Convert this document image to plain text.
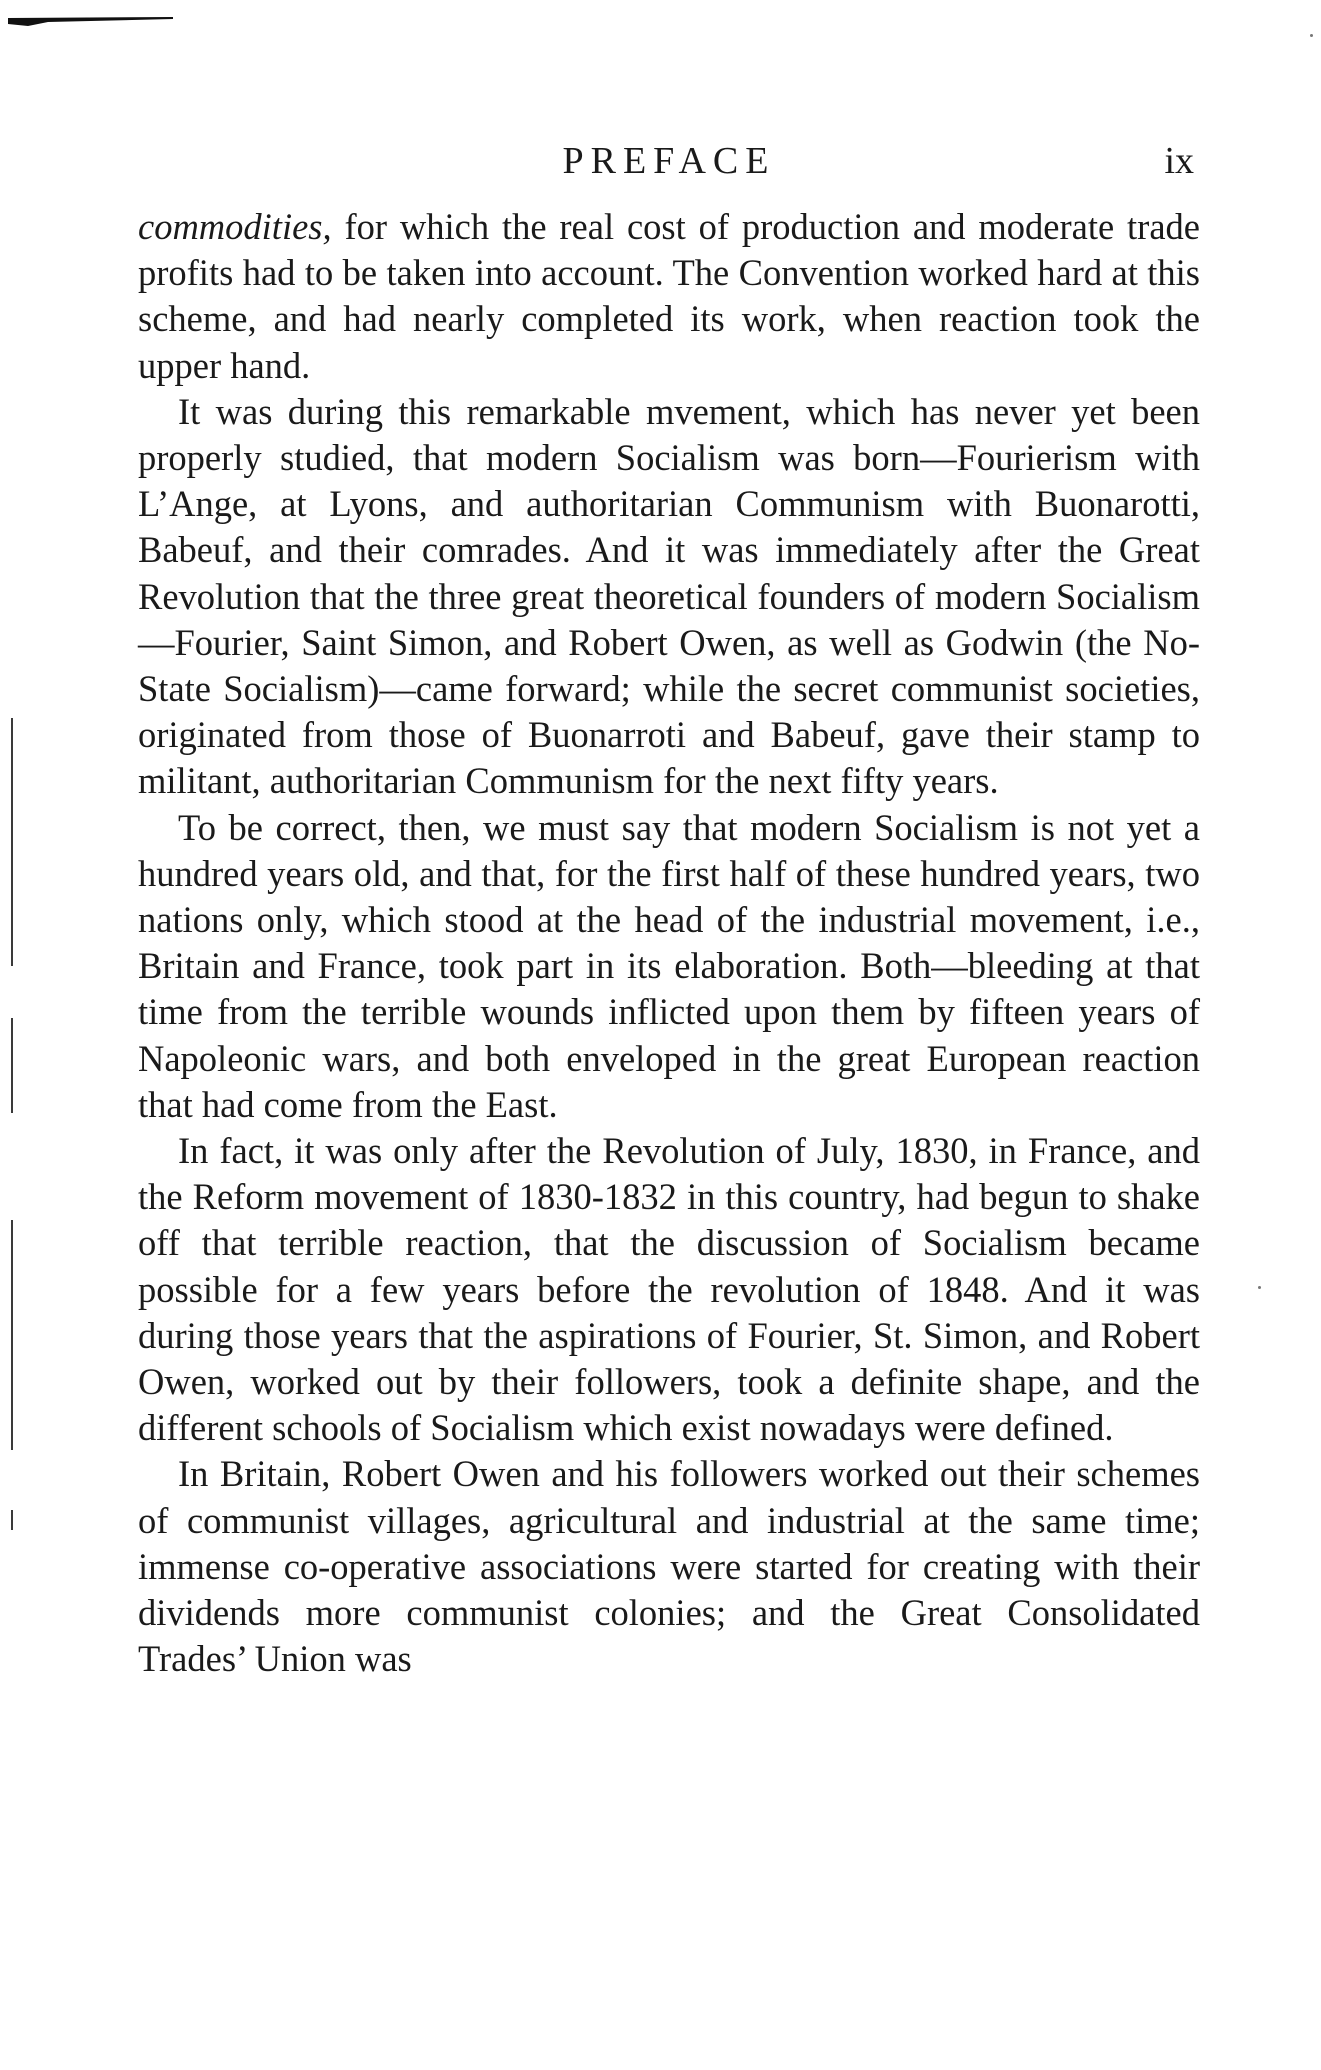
PREFACE	ix

commodities, for which the real cost of production and moderate trade profits had to be taken into account. The Convention worked hard at this scheme, and had nearly completed its work, when reaction took the upper hand.

It was during this remarkable mvement, which has never yet been properly studied, that modern Socialism was born—Fourierism with L’Ange, at Lyons, and authoritarian Communism with Buonarotti, Babeuf, and their comrades. And it was immediately after the Great Revolution that the three great theoretical founders of modern Socialism—Fourier, Saint Simon, and Robert Owen, as well as Godwin (the No-State Socialism)—came forward; while the secret communist societies, originated from those of Buonarroti and Babeuf, gave their stamp to militant, authoritarian Communism for the next fifty years.

To be correct, then, we must say that modern Socialism is not yet a hundred years old, and that, for the first half of these hundred years, two nations only, which stood at the head of the industrial movement, i.e., Britain and France, took part in its elaboration. Both—bleeding at that time from the terrible wounds inflicted upon them by fifteen years of Napoleonic wars, and both enveloped in the great European reaction that had come from the East.

In fact, it was only after the Revolution of July, 1830, in France, and the Reform movement of 1830-1832 in this country, had begun to shake off that terrible reaction, that the discussion of Socialism became possible for a few years before the revolution of 1848. And it was during those years that the aspirations of Fourier, St. Simon, and Robert Owen, worked out by their followers, took a definite shape, and the different schools of Socialism which exist nowadays were defined.

In Britain, Robert Owen and his followers worked out their schemes of communist villages, agricultural and industrial at the same time; immense co-operative associations were started for creating with their dividends more communist colonies; and the Great Consolidated Trades’ Union was
